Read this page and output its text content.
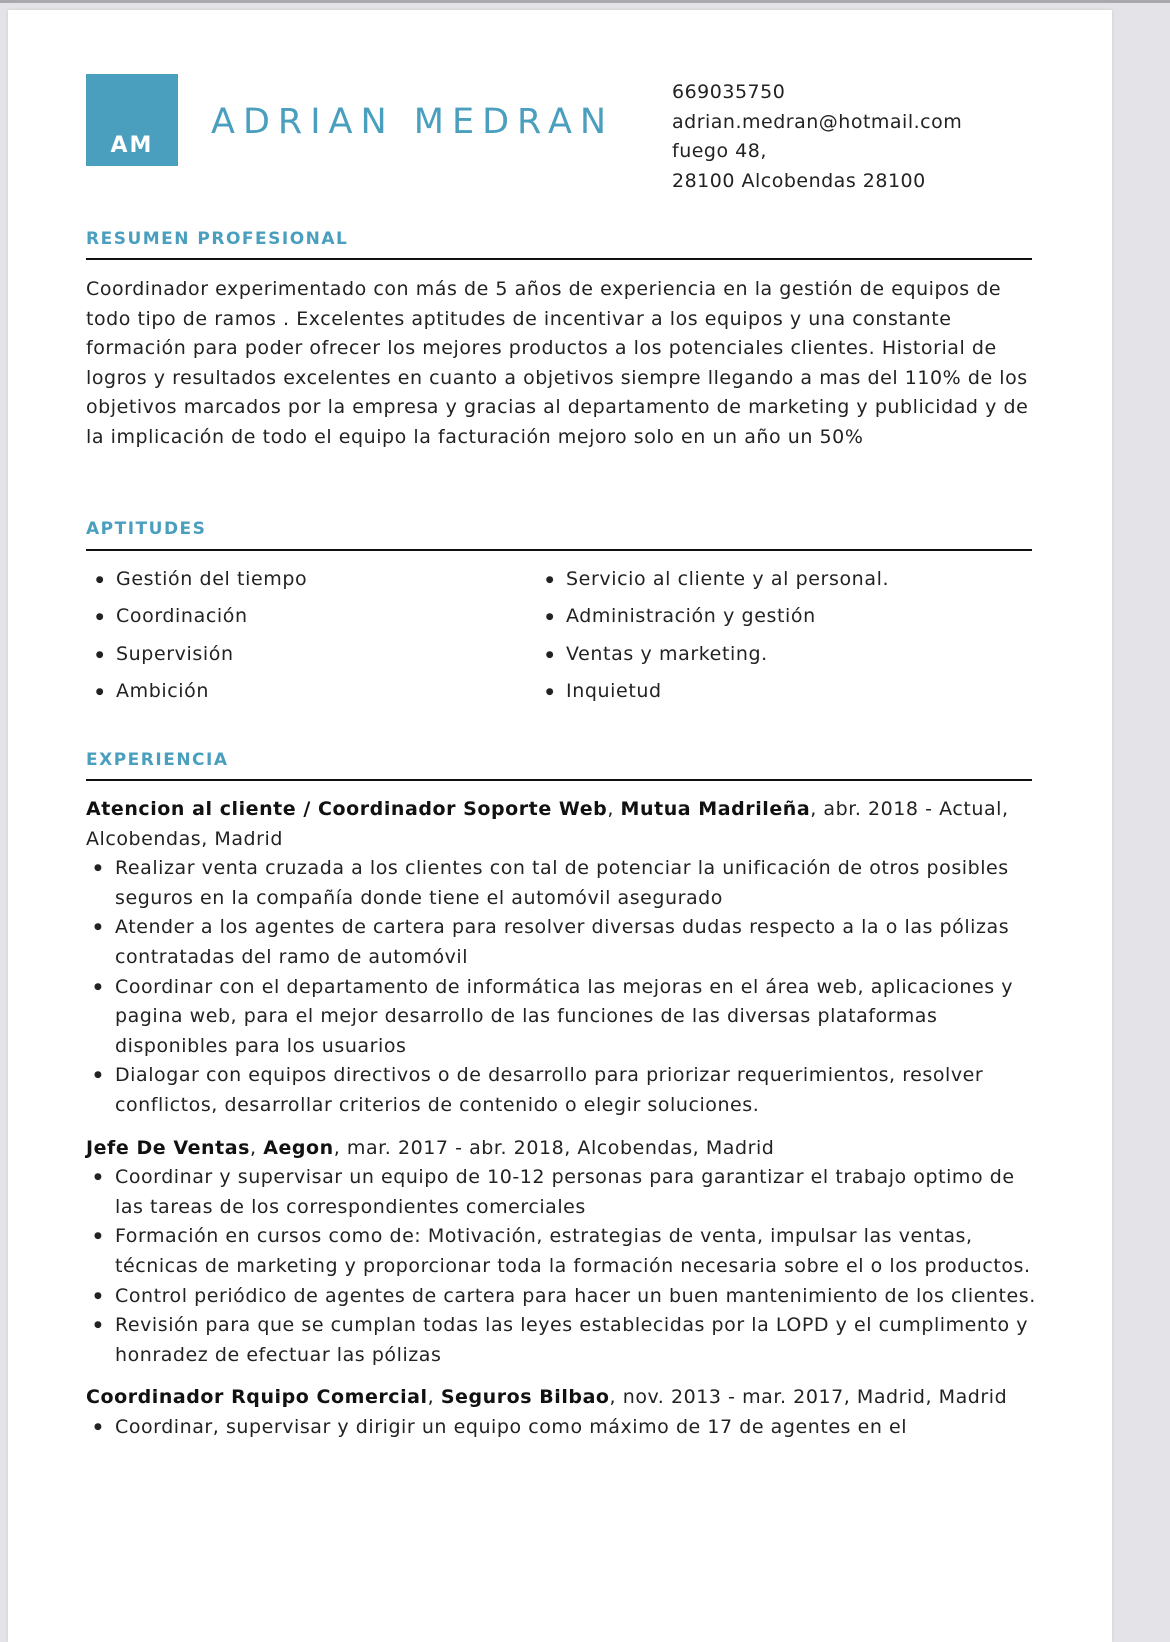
AM
ADRIAN MEDRAN
669035750
adrian.medran@hotmail.com
fuego 48,
28100 Alcobendas 28100
RESUMEN PROFESIONAL
Coordinador experimentado con más de 5 años de experiencia en la gestión de equipos de todo tipo de ramos . Excelentes aptitudes de incentivar a los equipos y una constante formación para poder ofrecer los mejores productos a los potenciales clientes. Historial de logros y resultados excelentes en cuanto a objetivos siempre llegando a mas del 110% de los objetivos marcados por la empresa y gracias al departamento de marketing y publicidad y de la implicación de todo el equipo la facturación mejoro solo en un año un 50%
APTITUDES
●Gestión del tiempo
●Coordinación
●Supervisión
●Ambición
●Servicio al cliente y al personal.
●Administración y gestión
●Ventas y marketing.
●Inquietud
EXPERIENCIA
Atencion al cliente / Coordinador Soporte Web, Mutua Madrileña, abr. 2018 - Actual, Alcobendas, Madrid
● Realizar venta cruzada a los clientes con tal de potenciar la unificación de otros posibles seguros en la compañía donde tiene el automóvil asegurado
● Atender a los agentes de cartera para resolver diversas dudas respecto a la o las pólizas contratadas del ramo de automóvil
● Coordinar con el departamento de informática las mejoras en el área web, aplicaciones y pagina web, para el mejor desarrollo de las funciones de las diversas plataformas disponibles para los usuarios
● Dialogar con equipos directivos o de desarrollo para priorizar requerimientos, resolver conflictos, desarrollar criterios de contenido o elegir soluciones.
Jefe De Ventas, Aegon, mar. 2017 - abr. 2018, Alcobendas, Madrid
● Coordinar y supervisar un equipo de 10-12 personas para garantizar el trabajo optimo de las tareas de los correspondientes comerciales
● Formación en cursos como de: Motivación, estrategias de venta, impulsar las ventas, técnicas de marketing y proporcionar toda la formación necesaria sobre el o los productos.
● Control periódico de agentes de cartera para hacer un buen mantenimiento de los clientes.
● Revisión para que se cumplan todas las leyes establecidas por la LOPD y el cumplimento y honradez de efectuar las pólizas
Coordinador Rquipo Comercial, Seguros Bilbao, nov. 2013 - mar. 2017, Madrid, Madrid
● Coordinar, supervisar y dirigir un equipo como máximo de 17 de agentes en el
